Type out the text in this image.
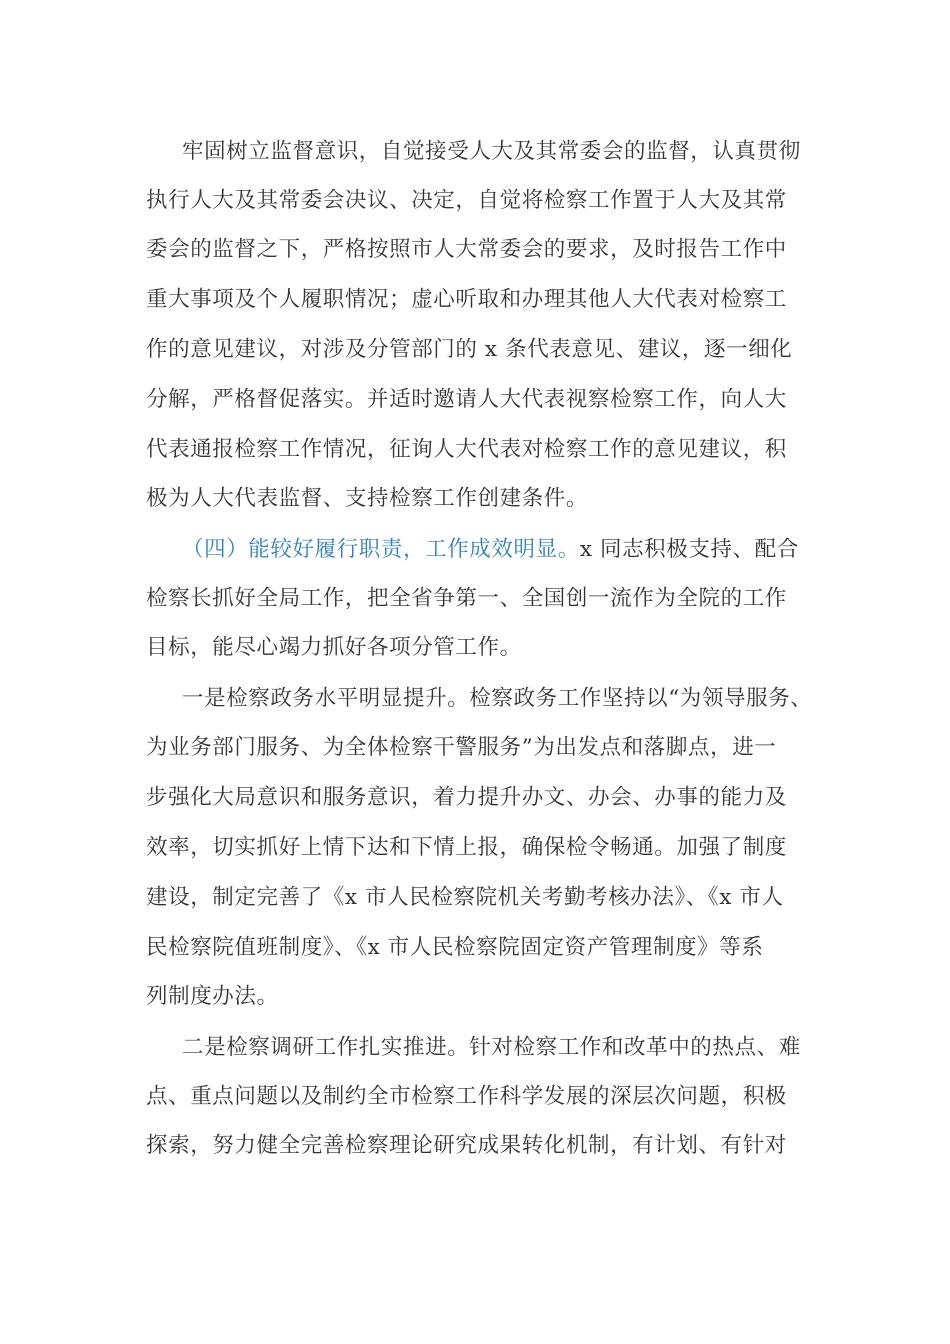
牢固树立监督意识，自觉接受人大及其常委会的监督，认真贯彻
执行人大及其常委会决议、决定，自觉将检察工作置于人大及其常
委会的监督之下，严格按照市人大常委会的要求，及时报告工作中
重大事项及个人履职情况；虚心听取和办理其他人大代表对检察工
作的意见建议，对涉及分管部门的 x 条代表意见、建议，逐一细化
分解，严格督促落实。并适时邀请人大代表视察检察工作，向人大
代表通报检察工作情况，征询人大代表对检察工作的意见建议，积
极为人大代表监督、支持检察工作创建条件。
（四）能较好履行职责，工作成效明显。x 同志积极支持、配合
检察长抓好全局工作，把全省争第一、全国创一流作为全院的工作
目标，能尽心竭力抓好各项分管工作。
一是检察政务水平明显提升。检察政务工作坚持以“为领导服务、
为业务部门服务、为全体检察干警服务”为出发点和落脚点，进一
步强化大局意识和服务意识，着力提升办文、办会、办事的能力及
效率，切实抓好上情下达和下情上报，确保检令畅通。加强了制度
建设，制定完善了《x 市人民检察院机关考勤考核办法》、《x 市人
民检察院值班制度》、《x 市人民检察院固定资产管理制度》等系
列制度办法。
二是检察调研工作扎实推进。针对检察工作和改革中的热点、难
点、重点问题以及制约全市检察工作科学发展的深层次问题，积极
探索，努力健全完善检察理论研究成果转化机制，有计划、有针对
